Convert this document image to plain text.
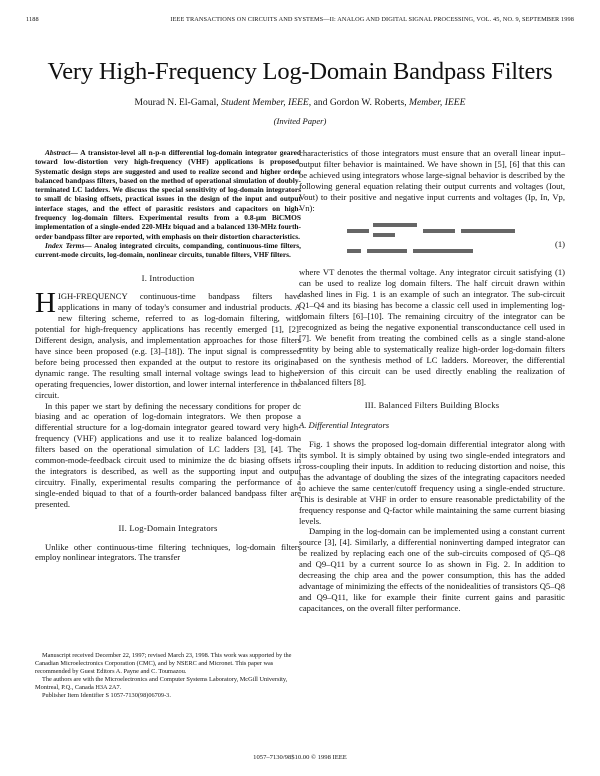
1188	IEEE TRANSACTIONS ON CIRCUITS AND SYSTEMS—II: ANALOG AND DIGITAL SIGNAL PROCESSING, VOL. 45, NO. 9, SEPTEMBER 1998
Very High-Frequency Log-Domain Bandpass Filters
Mourad N. El-Gamal, Student Member, IEEE, and Gordon W. Roberts, Member, IEEE
(Invited Paper)

Abstract— A transistor-level all n-p-n differential log-domain integrator geared toward low-distortion very high-frequency (VHF) applications is proposed. Systematic design steps are suggested and used to realize second and higher order balanced bandpass filters, based on the method of operational simulation of doubly-terminated LC ladders. We discuss the special sensitivity of log-domain integrators to small dc biasing offsets, practical issues in the design of the input and output interface stages, and the effect of parasitic resistors and capacitors on high-frequency log-domain filters. Experimental results from a 0.8-μm BiCMOS implementation of a single-ended 220-MHz biquad and a balanced 130-MHz fourth-order bandpass filter are reported, with emphasis on their distortion characteristics.

Index Terms— Analog integrated circuits, companding, continuous-time filters, current-mode circuits, log-domain, nonlinear circuits, tunable filters, VHF filters.

I. Introduction

HIGH-FREQUENCY continuous-time bandpass filters have applications in many of today's consumer and industrial products. A new filtering scheme, referred to as log-domain filtering, with potential for high-frequency applications has recently emerged [1], [2]. Different design, analysis, and implementation approaches for those filters have since been proposed (e.g. [3]–[18]). The input signal is compressed before being processed then expanded at the output to restore its original dynamic range. The resulting small internal voltage swings lead to higher operating frequencies, lower distortion, and lower internal interference in the circuit.

In this paper we start by defining the necessary conditions for proper dc biasing and ac operation of log-domain integrators. We then propose a differential structure for a log-domain integrator geared toward very high-frequency (VHF) applications and use it to realize balanced log-domain filters based on the operational simulation of LC ladders [3], [4]. The common-mode-feedback circuit used to minimize the dc biasing offsets in the integrators is described, as well as the supporting input and output circuitry. Finally, experimental results comparing the performance of a single-ended biquad to that of a fourth-order balanced bandpass filter are presented.

II. Log-Domain Integrators

Unlike other continuous-time filtering techniques, log-domain filters employ nonlinear integrators. The transfer

Manuscript received December 22, 1997; revised March 23, 1998. This work was supported by the Canadian Microelectronics Corporation (CMC), and by NSERC and Micronet. This paper was recommended by Guest Editors A. Payne and C. Toumazou.

The authors are with the Microelectronics and Computer Systems Laboratory, McGill University, Montreal, P.Q., Canada H3A 2A7.

Publisher Item Identifier S 1057-7130(98)06709-3.

characteristics of those integrators must ensure that an overall linear input–output filter behavior is maintained. We have shown in [5], [6] that this can be achieved using integrators whose large-signal behavior is described by the following general equation relating their output currents and voltages (Iout, Vout) to their positive and negative input currents and voltages (Ip, In, Vp, Vn):

(1)

where VT denotes the thermal voltage. Any integrator circuit satisfying (1) can be used to realize log domain filters. The half circuit drawn within dashed lines in Fig. 1 is an example of such an integrator. The sub-circuit Q1–Q4 and its biasing has become a classic cell used in implementing log-domain filters [6]–[10]. The remaining circuitry of the integrator can be recognized as being the negative exponential transconductance cell used in [7]. We benefit from treating the combined cells as a single stand-alone entity by being able to systematically realize high-order log-domain filters based on the synthesis method of LC ladders. Moreover, the differential version of this circuit can be used directly enabling the realization of balanced filters [8].

III. Balanced Filters Building Blocks
A. Differential Integrators

Fig. 1 shows the proposed log-domain differential integrator along with its symbol. It is simply obtained by using two single-ended integrators and cross-coupling their inputs. In addition to reducing distortion and noise, this has the advantage of doubling the sizes of the integrating capacitors needed to achieve the same center/cutoff frequency using a single-ended structure. This is desirable at VHF in order to ensure reasonable predictability of the frequency response and Q-factor while maintaining the same current biasing levels.

Damping in the log-domain can be implemented using a constant current source [3], [4]. Similarly, a differential noninverting damped integrator can be realized by replacing each one of the sub-circuits composed of Q5–Q8 and Q9–Q11 by a current source Io as shown in Fig. 2. In addition to decreasing the chip area and the power consumption, this has the added advantage of minimizing the effects of the nonidealities of transistors Q5–Q8 and Q9–Q11, like for example their finite current gains and parasitic capacitances, on the overall filter performance.

1057–7130/98$10.00 © 1998 IEEE
